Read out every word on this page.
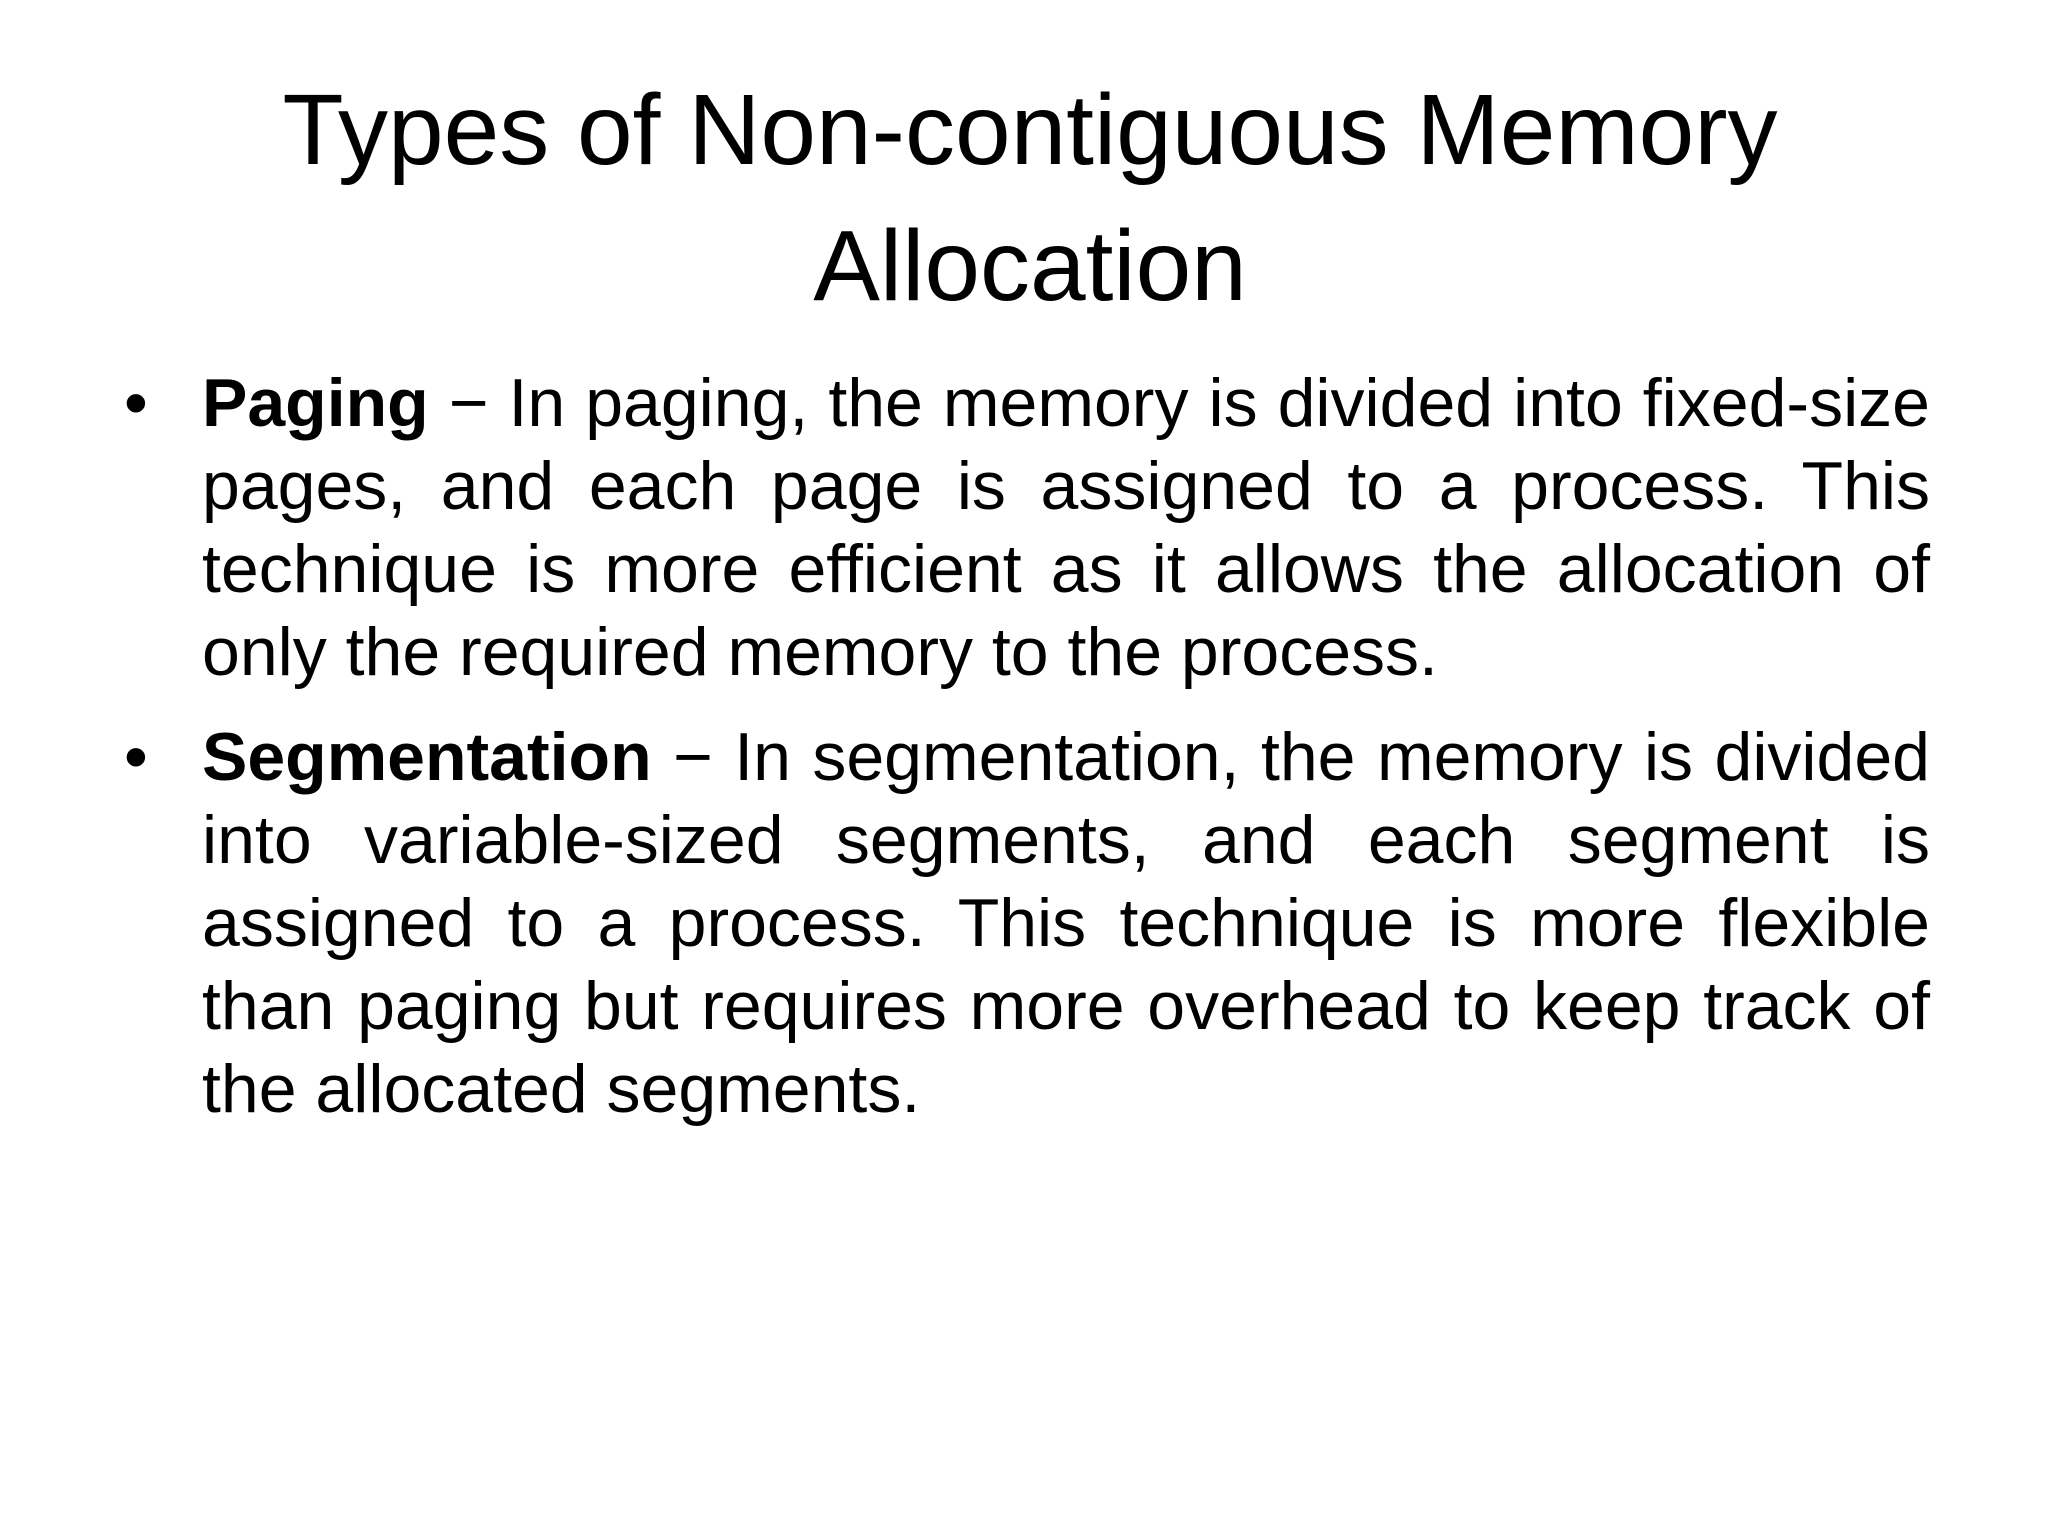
Types of Non-contiguous Memory Allocation
• Paging − In paging, the memory is divided into fixed-size pages, and each page is assigned to a process. This technique is more efficient as it allows the allocation of only the required memory to the process.
• Segmentation − In segmentation, the memory is divided into variable-sized segments, and each segment is assigned to a process. This technique is more flexible than paging but requires more overhead to keep track of the allocated segments.
